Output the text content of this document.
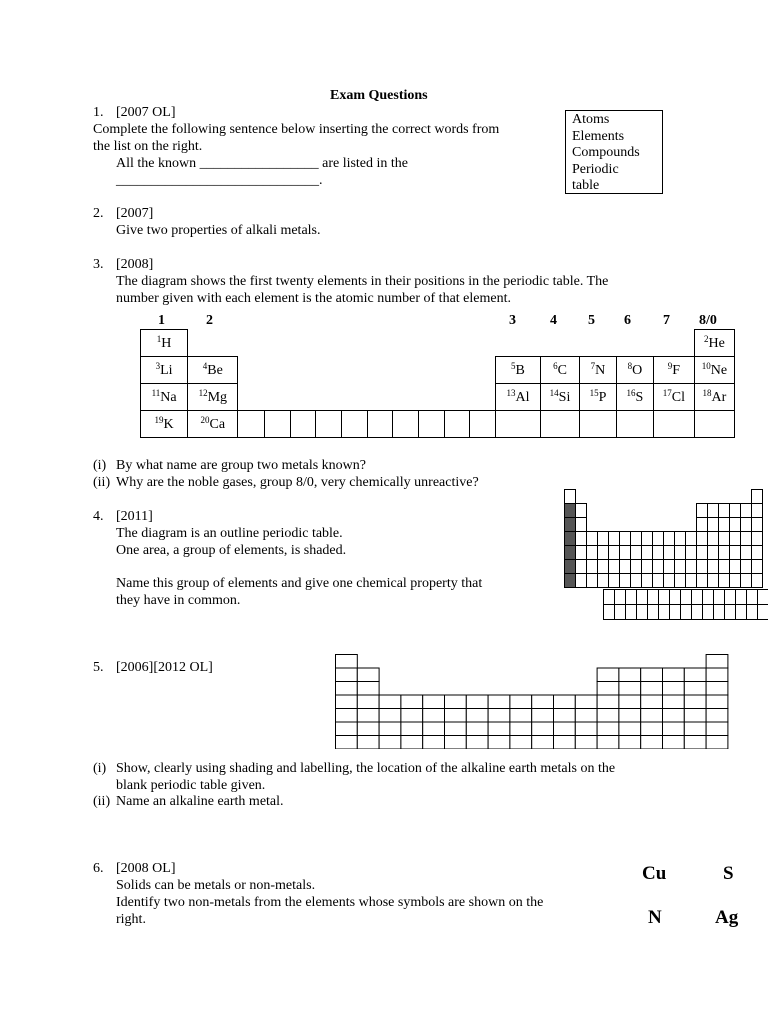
Exam Questions
1. [2007 OL]
Complete the following sentence below inserting the correct words from
the list on the right.
All the known _________________ are listed in the
_____________________________.
Atoms
Elements
Compounds
Periodic
table
2. [2007]
Give two properties of alkali metals.
3. [2008]
The diagram shows the first twenty elements in their positions in the periodic table. The
number given with each element is the atomic number of that element.
1	2	3 4 5 6 7 8/0
$^1$H																	$^2$He
$^3$Li	$^4$Be											$^5$B	$^6$C	$^7$N	$^8$O	$^9$F	$^{10}$Ne
$^{11}$Na	$^{12}$Mg											$^{13}$Al	$^{14}$Si	$^{15}$P	$^{16}$S	$^{17}$Cl	$^{18}$Ar
$^{19}$K	$^{20}$Ca																
(i) By what name are group two metals known?
(ii) Why are the noble gases, group 8/0, very chemically unreactive?
4. [2011]
The diagram is an outline periodic table.
One area, a group of elements, is shaded.
Name this group of elements and give one chemical property that
they have in common.
5. [2006][2012 OL]
(i) Show, clearly using shading and labelling, the location of the alkaline earth metals on the
blank periodic table given.
(ii) Name an alkaline earth metal.
6. [2008 OL]
Solids can be metals or non-metals.
Identify two non-metals from the elements whose symbols are shown on the
right.
Cu	S
N	Ag
